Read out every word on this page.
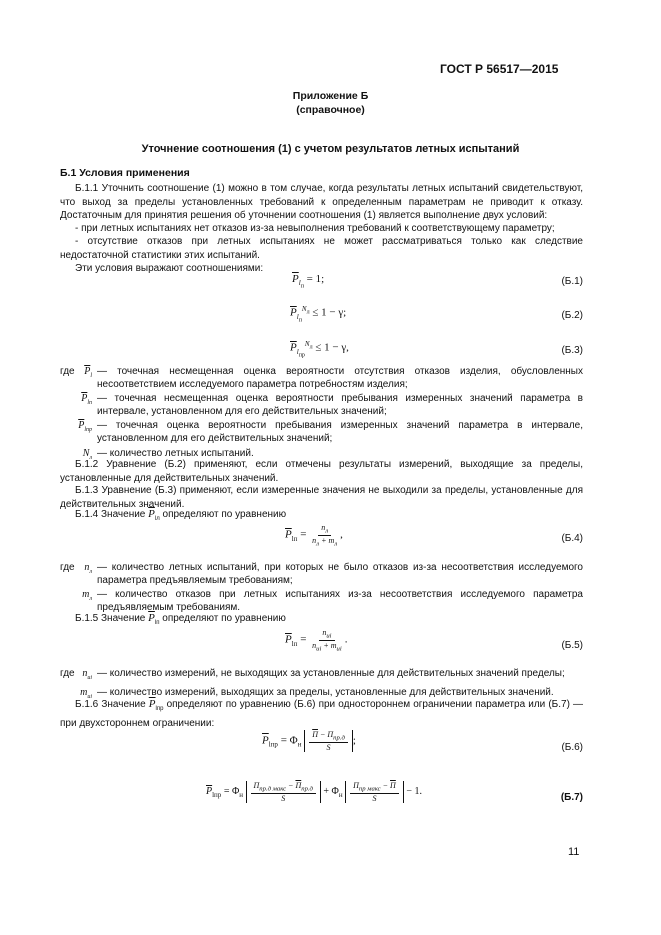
ГОСТ Р 56517—2015
Приложение Б
(справочное)
Уточнение соотношения (1) с учетом результатов летных испытаний
Б.1 Условия применения
Б.1.1 Уточнить соотношение (1) можно в том случае, когда результаты летных испытаний свидетельствуют, что выход за пределы установленных требований к определенным параметрам не приводит к отказу. Достаточным для принятия решения об уточнении соотношения (1) является выполнение двух условий:
- при летных испытаниях нет отказов из-за невыполнения требований к соответствующему параметру;
- отсутствие отказов при летных испытаниях не может рассматриваться только как следствие недостаточной статистики этих испытаний.
Эти условия выражают соотношениями:
$\overline{P}_{l_п} = 1$;	(Б.1)
$\overline{P}_{l_п}^{N_л} \le 1 - \gamma$;	(Б.2)
$\overline{P}_{l_{пр}}^{N_л} \le 1 - \gamma$,	(Б.3)
где $\overline{P}_l$ — точечная несмещенная оценка вероятности отсутствия отказов изделия, обусловленных несоответствием исследуемого параметра потребностям изделия;
$\overline{P}_{lп}$ — точечная несмещенная оценка вероятности пребывания измеренных значений параметра в интервале, установленном для его действительных значений;
$\overline{P}_{lпр}$ — точечная оценка вероятности пребывания измеренных значений параметра в интервале, установленном для его действительных значений;
$N_л$ — количество летных испытаний.
Б.1.2 Уравнение (Б.2) применяют, если отмечены результаты измерений, выходящие за пределы, установленные для действительных значений.
Б.1.3 Уравнение (Б.3) применяют, если измеренные значения не выходили за пределы, установленные для действительных значений.
Б.1.4 Значение $\overline{P}_{lл}$ определяют по уравнению
$\overline{P}_{lп} = \frac{n_л}{n_л + m_л}$ ,	(Б.4)
где $n_л$ — количество летных испытаний, при которых не было отказов из-за несоответствия исследуемого параметра предъявляемым требованиям;
$m_л$ — количество отказов при летных испытаниях из-за несоответствия исследуемого параметра предъявляемым требованиям.
Б.1.5 Значение $\overline{P}_{lп}$ определяют по уравнению
$\overline{P}_{lп} = \frac{n_{ui}}{n_{ui} + m_{ui}}$ .	(Б.5)
где $n_{ui}$ — количество измерений, не выходящих за установленные для действительных значений пределы;
$m_{ui}$ — количество измерений, выходящих за пределы, установленные для действительных значений.
Б.1.6 Значение $\overline{P}_{lпр}$ определяют по уравнению (Б.6) при одностороннем ограничении параметра или (Б.7) — при двухстороннем ограничении:
$\overline{P}_{lпр} = \Phi_н \frac{П - П_{пр.д}}{S}$ ;
(Б.6)
$\overline{P}_{lпр} = \Phi_н \frac{П_{пр.д макс} - П_{пр.д}}{S} + \Phi_н \frac{П_{пр макс} - П}{S} - 1$.
(Б.7)
11
